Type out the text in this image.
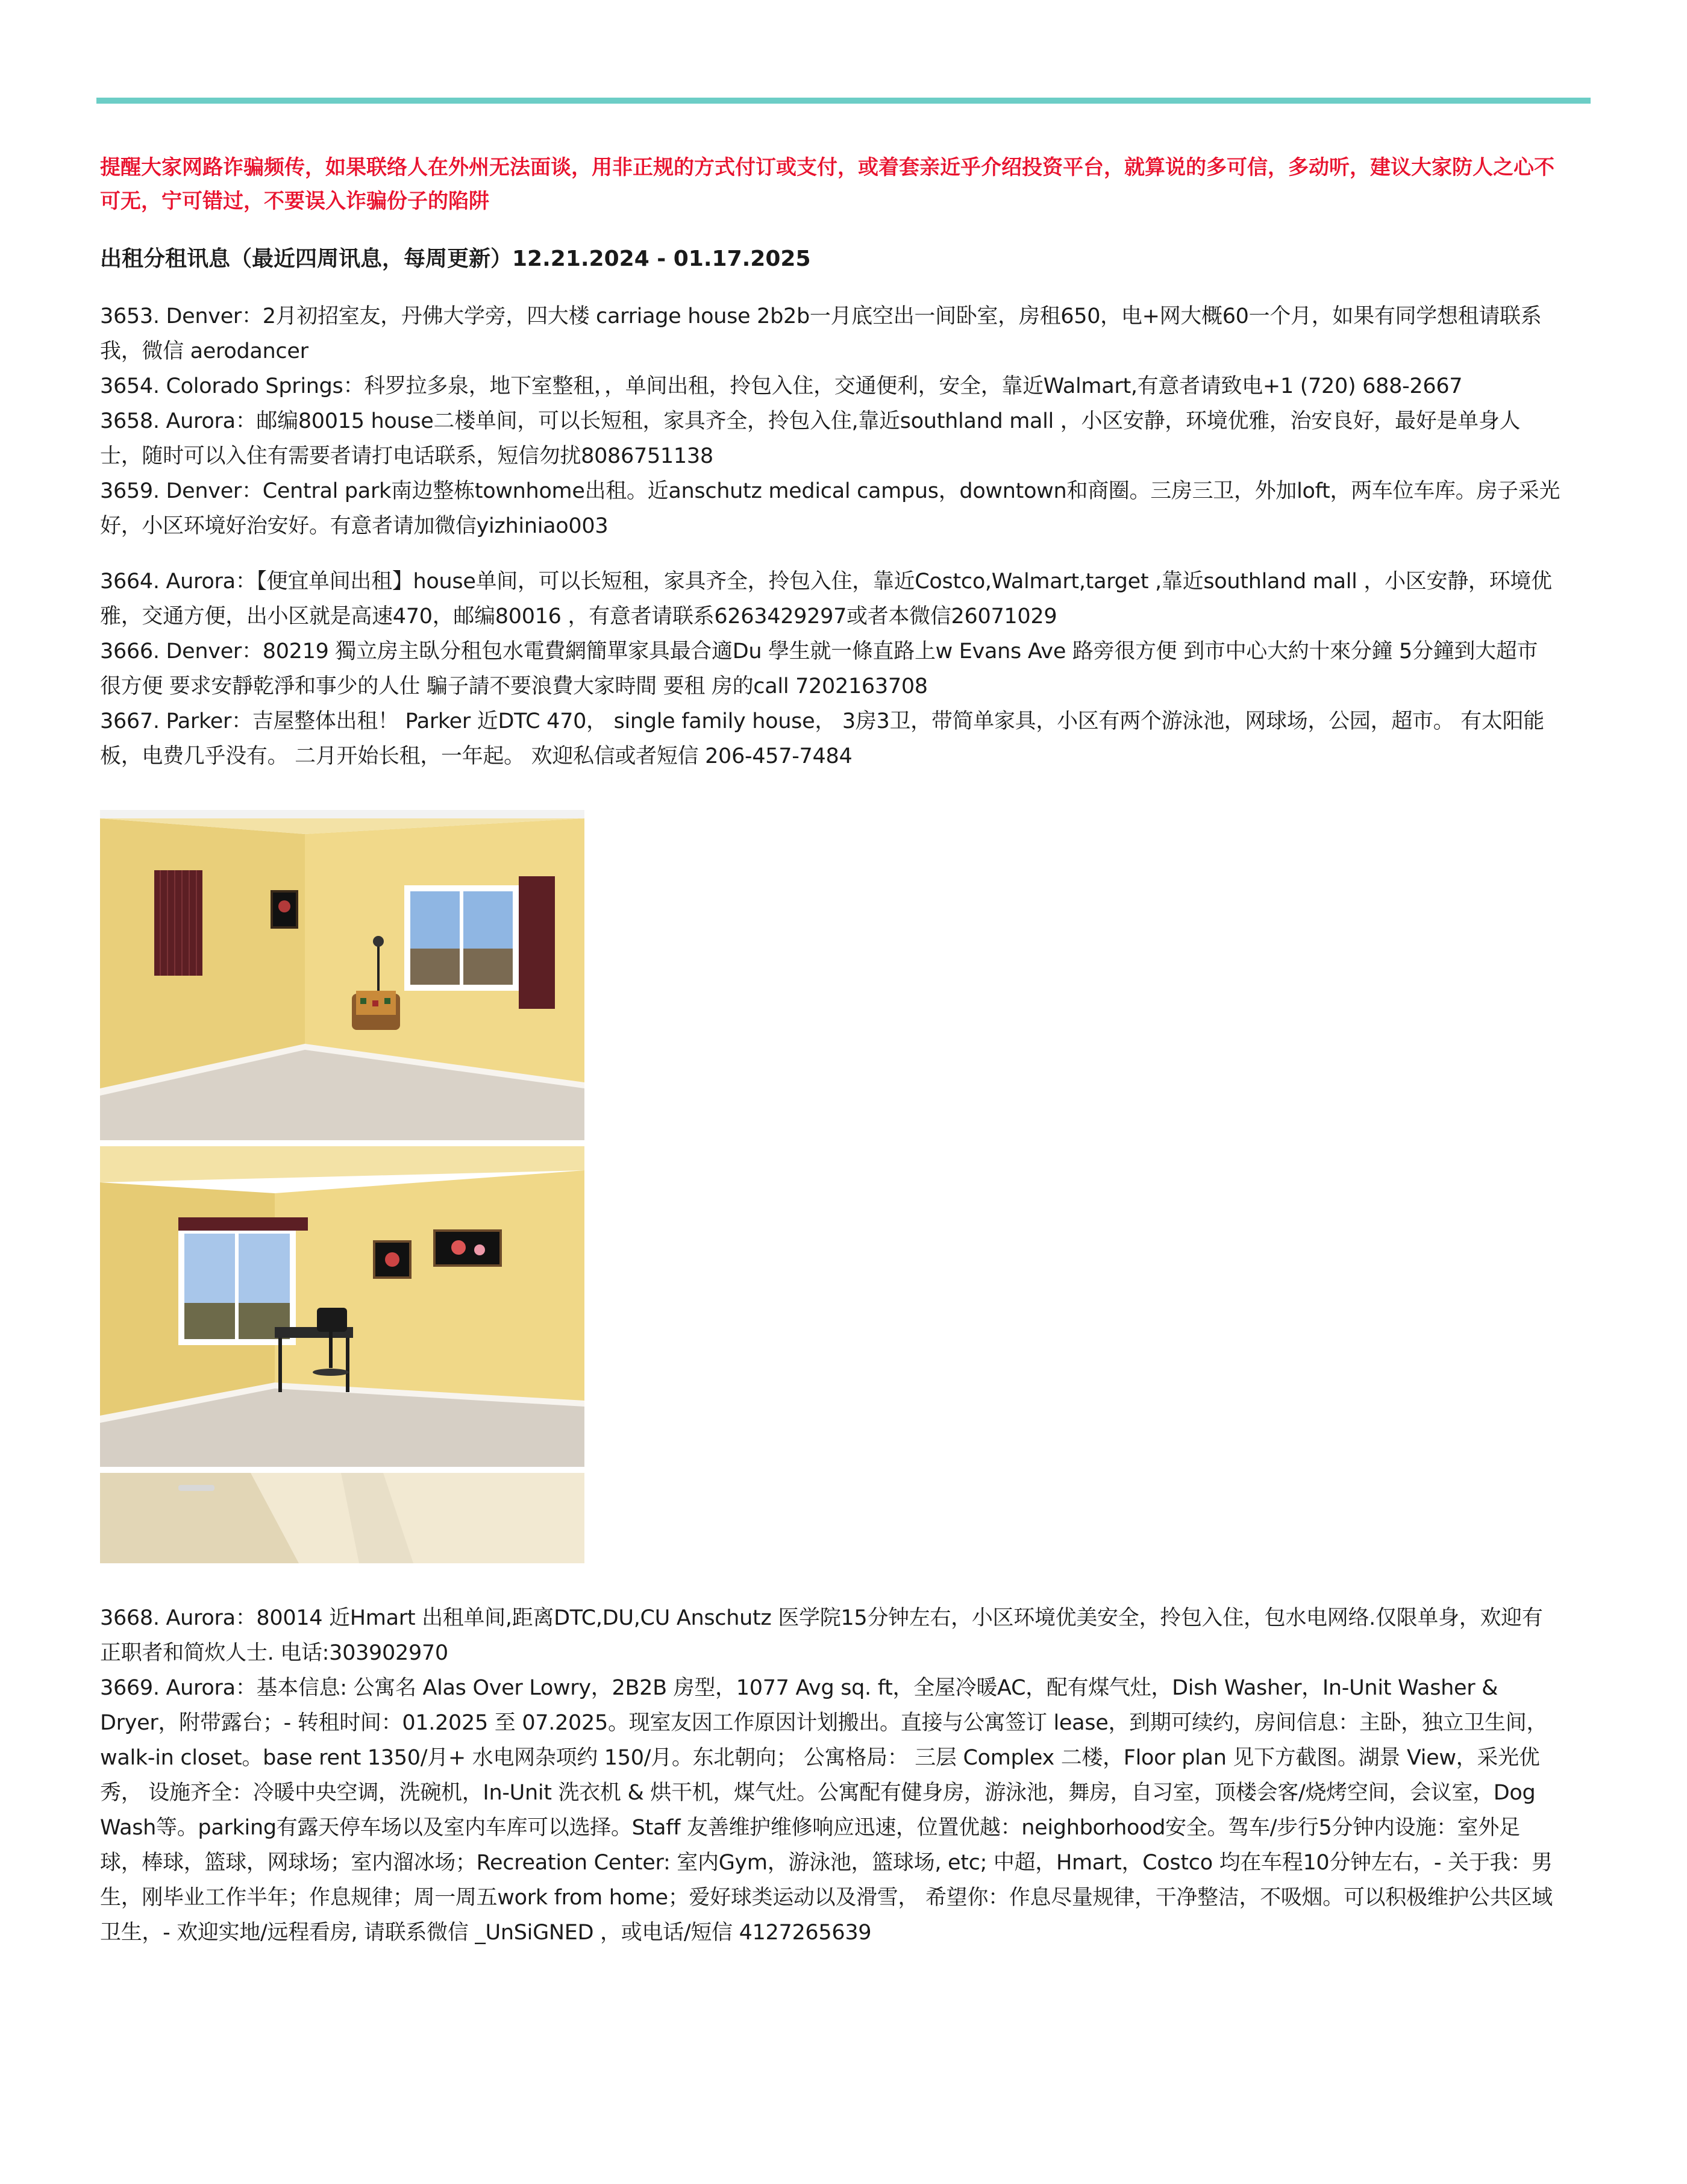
提醒大家网路诈骗频传，如果联络人在外州无法面谈，用非正规的方式付订或支付，或着套亲近乎介绍投资平台，就算说的多可信，多动听，建议大家防人之心不可无，宁可错过，不要误入诈骗份子的陷阱

出租分租讯息（最近四周讯息，每周更新）12.21.2024 - 01.17.2025

3653. Denver：2月初招室友，丹佛大学旁，四大楼 carriage house 2b2b一月底空出一间卧室，房租650，电+网大概60一个月，如果有同学想租请联系我，微信 aerodancer

3654. Colorado Springs：科罗拉多泉，地下室整租，，单间出租，拎包入住，交通便利，安全，靠近Walmart,有意者请致电+1 (720) 688-2667

3658. Aurora：邮编80015 house二楼单间，可以长短租，家具齐全，拎包入住,靠近southland mall ，小区安静，环境优雅，治安良好，最好是单身人士，随时可以入住有需要者请打电话联系，短信勿扰8086751138

3659. Denver：Central park南边整栋townhome出租。近anschutz medical campus，downtown和商圈。三房三卫，外加loft，两车位车库。房子采光好，小区环境好治安好。有意者请加微信yizhiniao003

3664. Aurora：【便宜单间出租】house单间，可以长短租，家具齐全，拎包入住，靠近Costco,Walmart,target ,靠近southland mall ，小区安静，环境优雅，交通方便，出小区就是高速470，邮编80016 ，有意者请联系6263429297或者本微信26071029

3666. Denver：80219 獨立房主臥分租包水電費網簡單家具最合適Du 學生就一條直路上w Evans Ave 路旁很方便 到市中心大約十來分鐘 5分鐘到大超市 很方便 要求安靜乾淨和事少的人仕 騙子請不要浪費大家時間 要租 房的call 7202163708

3667. Parker：吉屋整体出租！ Parker 近DTC 470， single family house， 3房3卫，带简单家具，小区有两个游泳池，网球场，公园，超市。 有太阳能板，电费几乎没有。 二月开始长租，一年起。 欢迎私信或者短信 206-457-7484

3668. Aurora：80014 近Hmart 出租单间,距离DTC,DU,CU Anschutz 医学院15分钟左右，小区环境优美安全，拎包入住，包水电网络.仅限单身，欢迎有正职者和简炊人士. 电话:303902970

3669. Aurora：基本信息: 公寓名 Alas Over Lowry，2B2B 房型，1077 Avg sq. ft，全屋冷暖AC，配有煤气灶，Dish Washer，In-Unit Washer & Dryer，附带露台；- 转租时间：01.2025 至 07.2025。现室友因工作原因计划搬出。直接与公寓签订 lease，到期可续约，房间信息：主卧，独立卫生间，walk-in closet。base rent 1350/月+ 水电网杂项约 150/月。东北朝向； 公寓格局： 三层 Complex 二楼，Floor plan 见下方截图。湖景 View，采光优秀， 设施齐全：冷暖中央空调，洗碗机，In-Unit 洗衣机 & 烘干机，煤气灶。公寓配有健身房，游泳池，舞房，自习室，顶楼会客/烧烤空间，会议室，Dog Wash等。parking有露天停车场以及室内车库可以选择。Staff 友善维护维修响应迅速，位置优越：neighborhood安全。驾车/步行5分钟内设施：室外足球，棒球，篮球，网球场；室内溜冰场；Recreation Center: 室内Gym，游泳池，篮球场, etc; 中超，Hmart，Costco 均在车程10分钟左右，- 关于我：男生，刚毕业工作半年；作息规律；周一周五work from home；爱好球类运动以及滑雪， 希望你：作息尽量规律，干净整洁，不吸烟。可以积极维护公共区域卫生，- 欢迎实地/远程看房, 请联系微信 _UnSiGNED ，或电话/短信 4127265639
